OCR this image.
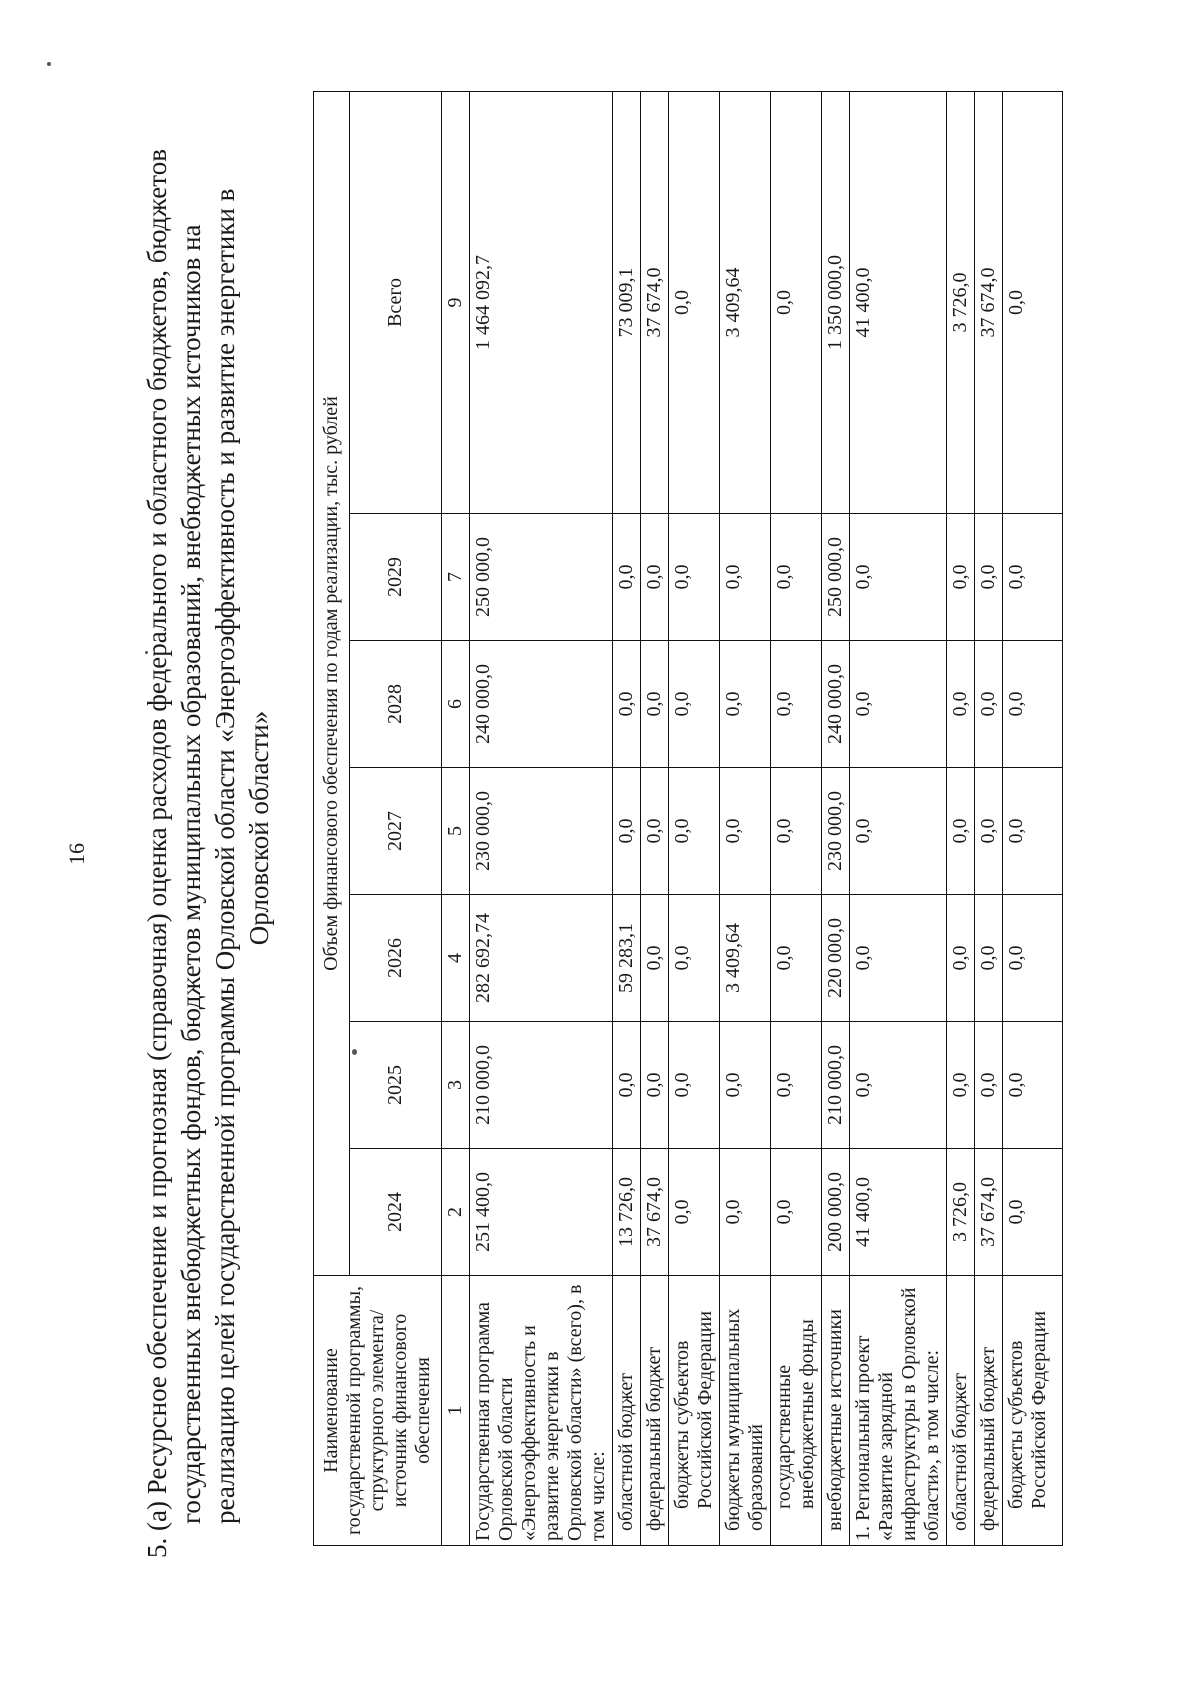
16 5. (а) Ресурсное обеспечение и прогнозная (справочная) оценка расходов федерального и областного бюджетов, бюджетов государственных внебюджетных фондов, бюджетов муниципальных образований, внебюджетных источников на реализацию целей государственной программы Орловской области «Энергоэффективность и развитие энергетики в Орловской области»
Наименование государственной программы, структурного элемента/источник финансового обеспечения	Объем финансового обеспечения по годам реализации, тыс. рублей						
	2024	2025	2026	2027	2028	2029	Всего
1	2	3	4	5	6	7	9
Государственная программа Орловской области «Энергоэффективность и развитие энергетики в Орловской области» (всего), в том числе:	251 400,0	210 000,0	282 692,74	230 000,0	240 000,0	250 000,0	1 464 092,7
областной бюджет	13 726,0	0,0	59 283,1	0,0	0,0	0,0	73 009,1
федеральный бюджет	37 674,0	0,0	0,0	0,0	0,0	0,0	37 674,0
бюджеты субъектов Российской Федерации	0,0	0,0	0,0	0,0	0,0	0,0	0,0
бюджеты муниципальных образований	0,0	0,0	3 409,64	0,0	0,0	0,0	3 409,64
государственные внебюджетные фонды	0,0	0,0	0,0	0,0	0,0	0,0	0,0
внебюджетные источники	200 000,0	210 000,0	220 000,0	230 000,0	240 000,0	250 000,0	1 350 000,0
1. Региональный проект «Развитие зарядной инфраструктуры в Орловской области», в том числе:	41 400,0	0,0	0,0	0,0	0,0	0,0	41 400,0
областной бюджет	3 726,0	0,0	0,0	0,0	0,0	0,0	3 726,0
федеральный бюджет	37 674,0	0,0	0,0	0,0	0,0	0,0	37 674,0
бюджеты субъектов Российской Федерации	0,0	0,0	0,0	0,0	0,0	0,0	0,0
